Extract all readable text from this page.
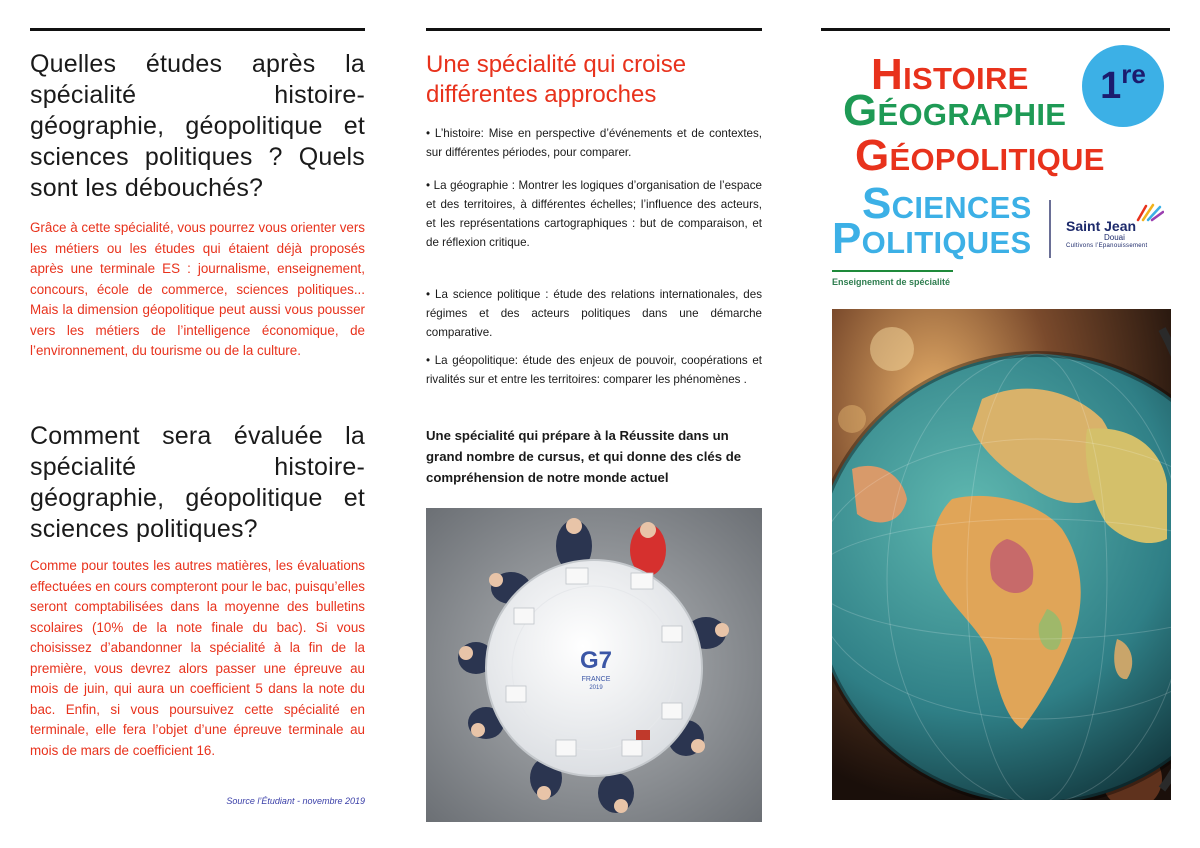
Quelles études après la spécialité histoire-géographie, géopolitique et sciences politiques ? Quels sont les débouchés?

Grâce à cette spécialité, vous pourrez vous orienter vers les métiers ou les études qui étaient déjà proposés après une terminale ES : journalisme, enseignement, concours, école de commerce, sciences politiques... Mais la dimension géopolitique peut aussi vous pousser vers les métiers de l’intelligence économique, de l’environnement, du tourisme ou de la culture.

Comment sera évaluée la spécialité histoire-géographie, géopolitique et sciences politiques?

Comme pour toutes les autres matières, les évaluations effectuées en cours compteront pour le bac, puisqu’elles seront comptabilisées dans la moyenne des bulletins scolaires (10% de la note finale du bac). Si vous choisissez d’abandonner la spécialité à la fin de la première, vous devrez alors passer une épreuve au mois de juin, qui aura un coefficient 5 dans la note du bac. Enfin, si vous poursuivez cette spécialité en terminale, elle fera l’objet d’une épreuve terminale au mois de mars de coefficient 16.

Source l’Étudiant - novembre 2019
Une spécialité qui croise différentes approches

• L’histoire: Mise en perspective d’événements et de contextes, sur différentes périodes, pour comparer.

• La géographie : Montrer les logiques d’organisation de l’espace et des territoires, à différentes échelles; l’influence des acteurs, et les représentations cartographiques : but de comparaison, et de réflexion critique.

• La science politique : étude des relations internationales, des régimes et des acteurs politiques dans une démarche comparative.

• La géopolitique: étude des enjeux de pouvoir, coopérations et rivalités sur et entre les territoires: comparer les phénomènes .

Une spécialité qui prépare à la Réussite dans un grand nombre de cursus, et qui donne des clés de compréhension de notre monde actuel

G7
FRANCE
2019
HISTOIRE
GÉOGRAPHIE
GÉOPOLITIQUE
SCIENCES
POLITIQUES
1re
Saint Jean
Douai
Cultivons l’Epanouissement
Enseignement de spécialité
